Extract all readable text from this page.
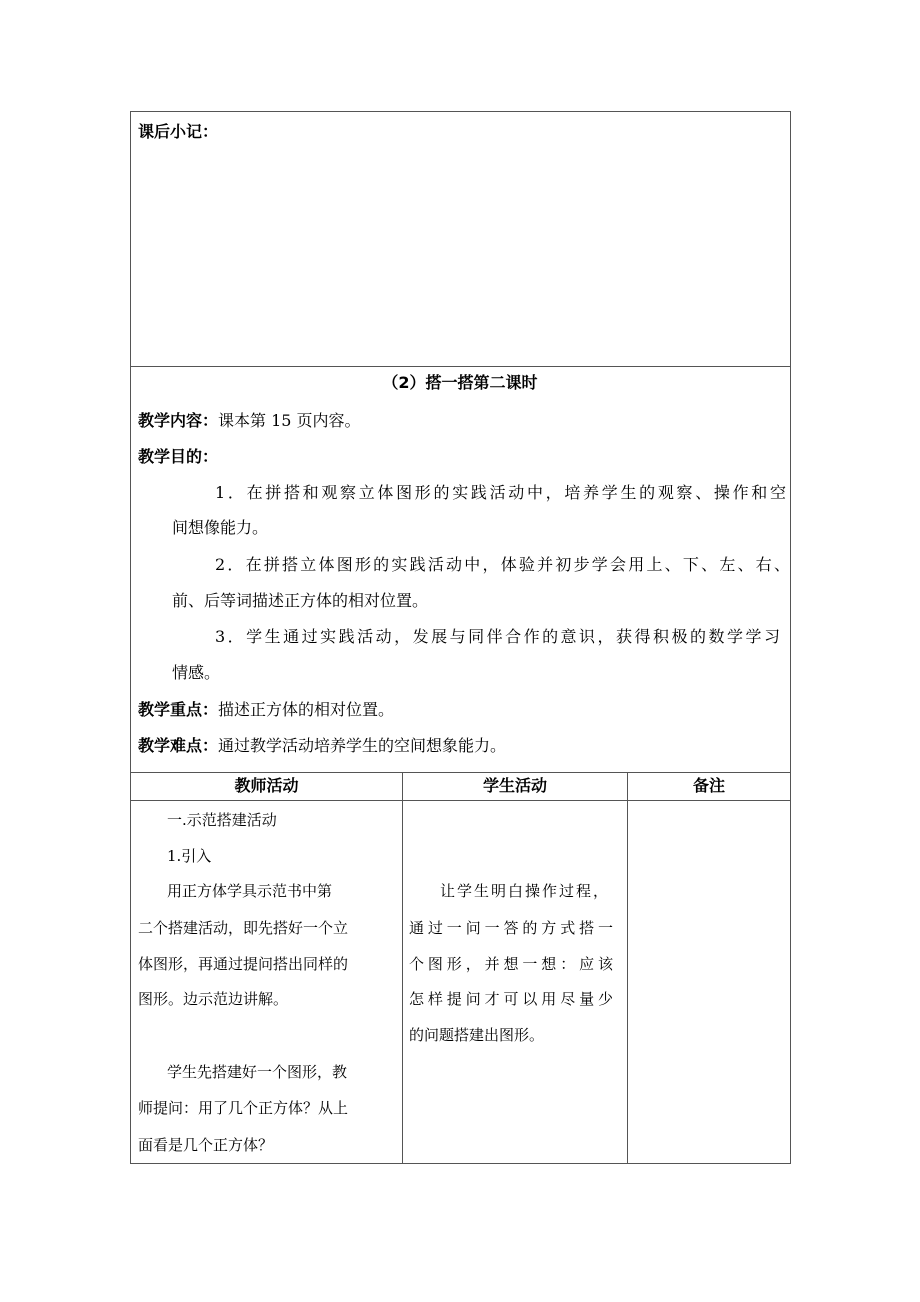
课后小记：
（2）搭一搭第二课时
教学内容：课本第 15 页内容。
教学目的：
1．在拼搭和观察立体图形的实践活动中，培养学生的观察、操作和空
间想像能力。
2．在拼搭立体图形的实践活动中，体验并初步学会用上、下、左、右、
前、后等词描述正方体的相对位置。
3．学生通过实践活动，发展与同伴合作的意识，获得积极的数学学习
情感。
教学重点：描述正方体的相对位置。
教学难点：通过教学活动培养学生的空间想象能力。
教师活动	学生活动	备注
一.示范搭建活动
1.引入
用正方体学具示范书中第
二个搭建活动，即先搭好一个立
体图形，再通过提问搭出同样的
图形。边示范边讲解。
学生先搭建好一个图形，教
师提问：用了几个正方体？从上
面看是几个正方体？
让学生明白操作过程，
通过一问一答的方式搭一
个图形，并想一想：应该
怎样提问才可以用尽量少
的问题搭建出图形。
